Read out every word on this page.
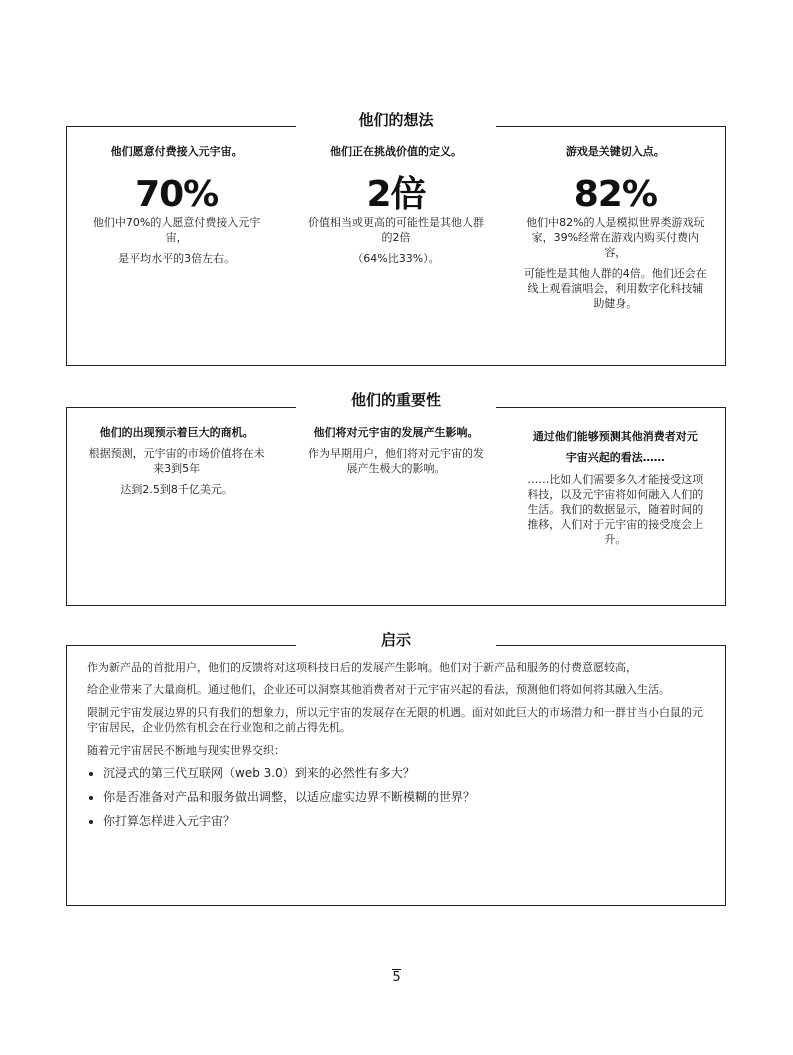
他们愿意付费接入元宇宙。
70%

他们中70%的人愿意付费接入元宇宙，

是平均水平的3倍左右。

他们正在挑战价值的定义。
2倍

价值相当或更高的可能性是其他人群的2倍

（64%比33%）。

游戏是关键切入点。
82%

他们中82%的人是模拟世界类游戏玩家，39%经常在游戏内购买付费内容，

可能性是其他人群的4倍。他们还会在线上观看演唱会，利用数字化科技辅助健身。

他们的想法
他们的出现预示着巨大的商机。

根据预测，元宇宙的市场价值将在未来3到5年

达到2.5到8千亿美元。

他们将对元宇宙的发展产生影响。

作为早期用户，他们将对元宇宙的发展产生极大的影响。

通过他们能够预测其他消费者对元宇宙兴起的看法……

……比如人们需要多久才能接受这项科技，以及元宇宙将如何融入人们的生活。我们的数据显示，随着时间的推移，人们对于元宇宙的接受度会上升。

他们的重要性

作为新产品的首批用户，他们的反馈将对这项科技日后的发展产生影响。他们对于新产品和服务的付费意愿较高，

给企业带来了大量商机。通过他们，企业还可以洞察其他消费者对于元宇宙兴起的看法，预测他们将如何将其融入生活。

限制元宇宙发展边界的只有我们的想象力，所以元宇宙的发展存在无限的机遇。面对如此巨大的市场潜力和一群甘当小白鼠的元宇宙居民，企业仍然有机会在行业饱和之前占得先机。

随着元宇宙居民不断地与现实世界交织：

• 沉浸式的第三代互联网（web 3.0）到来的必然性有多大？
• 你是否准备对产品和服务做出调整，以适应虚实边界不断模糊的世界？
• 你打算怎样进入元宇宙？
启示
5
